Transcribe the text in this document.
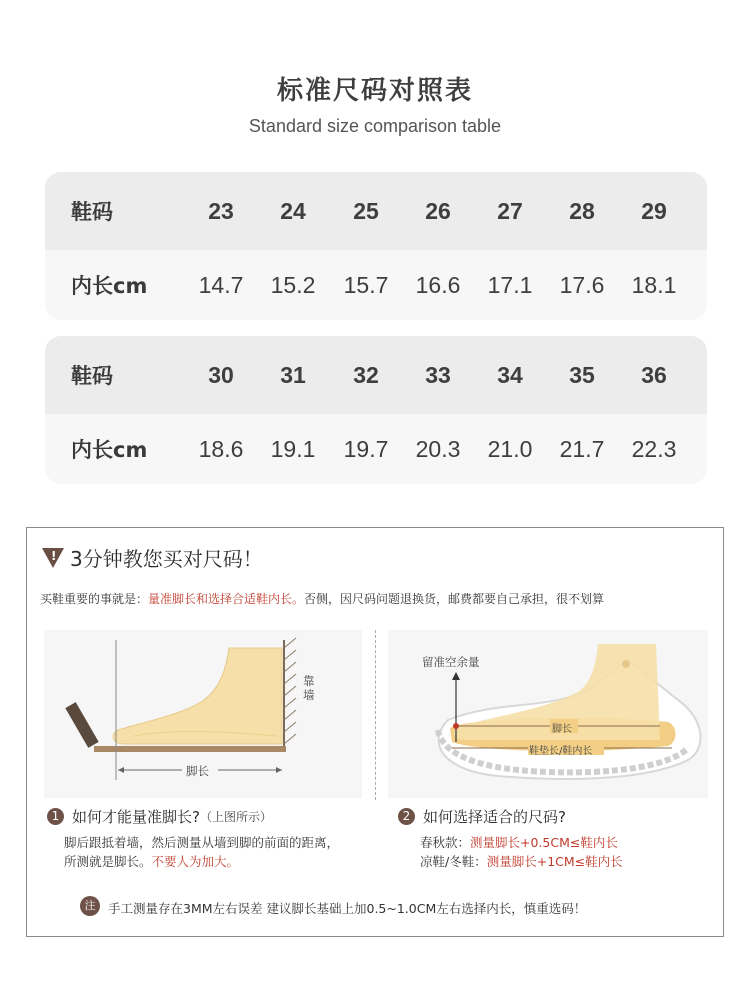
标准尺码对照表
Standard size comparison table
鞋码	23	24	25	26	27	28	29
内长cm	14.7	15.2	15.7	16.6	17.1	17.6	18.1
鞋码	30	31	32	33	34	35	36
内长cm	18.6	19.1	19.7	20.3	21.0	21.7	22.3
! 3分钟教您买对尺码！
买鞋重要的事就是：量准脚长和选择合适鞋内长。否侧，因尺码问题退换货，邮费都要自己承担，很不划算
靠墙
脚长
留准空余量
脚长
鞋垫长/鞋内长
1 如何才能量准脚长? （上图所示）
脚后跟抵着墙，然后测量从墙到脚的前面的距离，
所测就是脚长。不要人为加大。
2 如何选择适合的尺码?
春秋款：测量脚长+0.5CM≤鞋内长
凉鞋/冬鞋：测量脚长+1CM≤鞋内长
注	手工测量存在3MM左右误差 建议脚长基础上加0.5~1.0CM左右选择内长，慎重选码！
